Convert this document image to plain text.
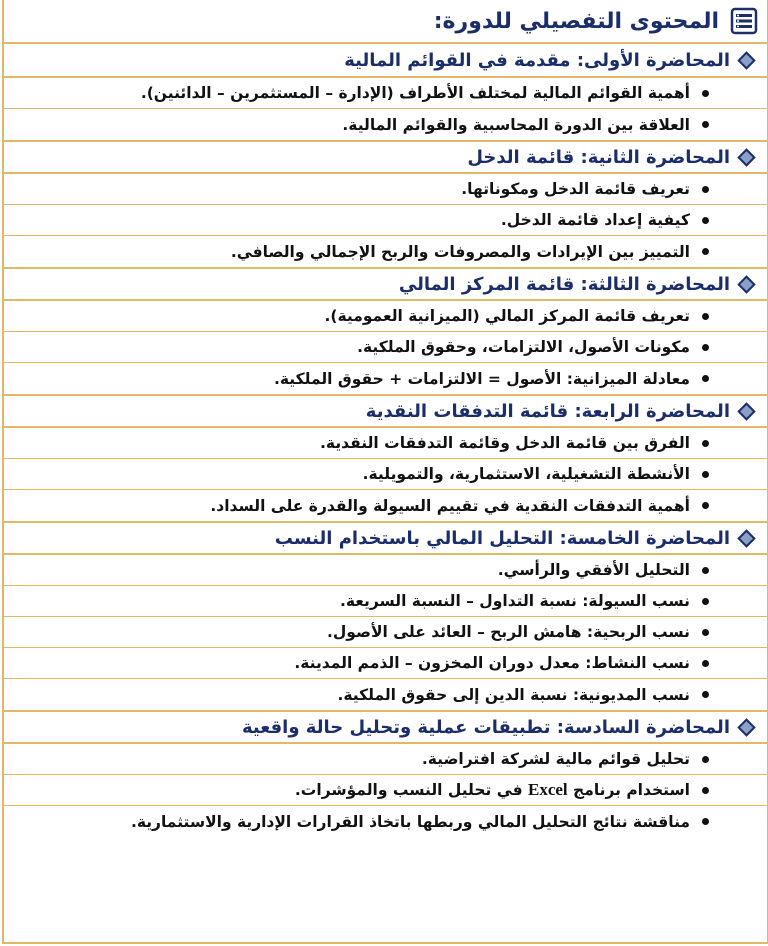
المحتوى التفصيلي للدورة:
المحاضرة الأولى: مقدمة في القوائم المالية
أهمية القوائم المالية لمختلف الأطراف (الإدارة – المستثمرين – الدائنين).
العلاقة بين الدورة المحاسبية والقوائم المالية.
المحاضرة الثانية: قائمة الدخل
تعريف قائمة الدخل ومكوناتها.
كيفية إعداد قائمة الدخل.
التمييز بين الإيرادات والمصروفات والربح الإجمالي والصافي.
المحاضرة الثالثة: قائمة المركز المالي
تعريف قائمة المركز المالي (الميزانية العمومية).
مكونات الأصول، الالتزامات، وحقوق الملكية.
معادلة الميزانية: الأصول = الالتزامات + حقوق الملكية.
المحاضرة الرابعة: قائمة التدفقات النقدية
الفرق بين قائمة الدخل وقائمة التدفقات النقدية.
الأنشطة التشغيلية، الاستثمارية، والتمويلية.
أهمية التدفقات النقدية في تقييم السيولة والقدرة على السداد.
المحاضرة الخامسة: التحليل المالي باستخدام النسب
التحليل الأفقي والرأسي.
نسب السيولة: نسبة التداول – النسبة السريعة.
نسب الربحية: هامش الربح – العائد على الأصول.
نسب النشاط: معدل دوران المخزون – الذمم المدينة.
نسب المديونية: نسبة الدين إلى حقوق الملكية.
المحاضرة السادسة: تطبيقات عملية وتحليل حالة واقعية
تحليل قوائم مالية لشركة افتراضية.
استخدام برنامج Excel في تحليل النسب والمؤشرات.
مناقشة نتائج التحليل المالي وربطها باتخاذ القرارات الإدارية والاستثمارية.
